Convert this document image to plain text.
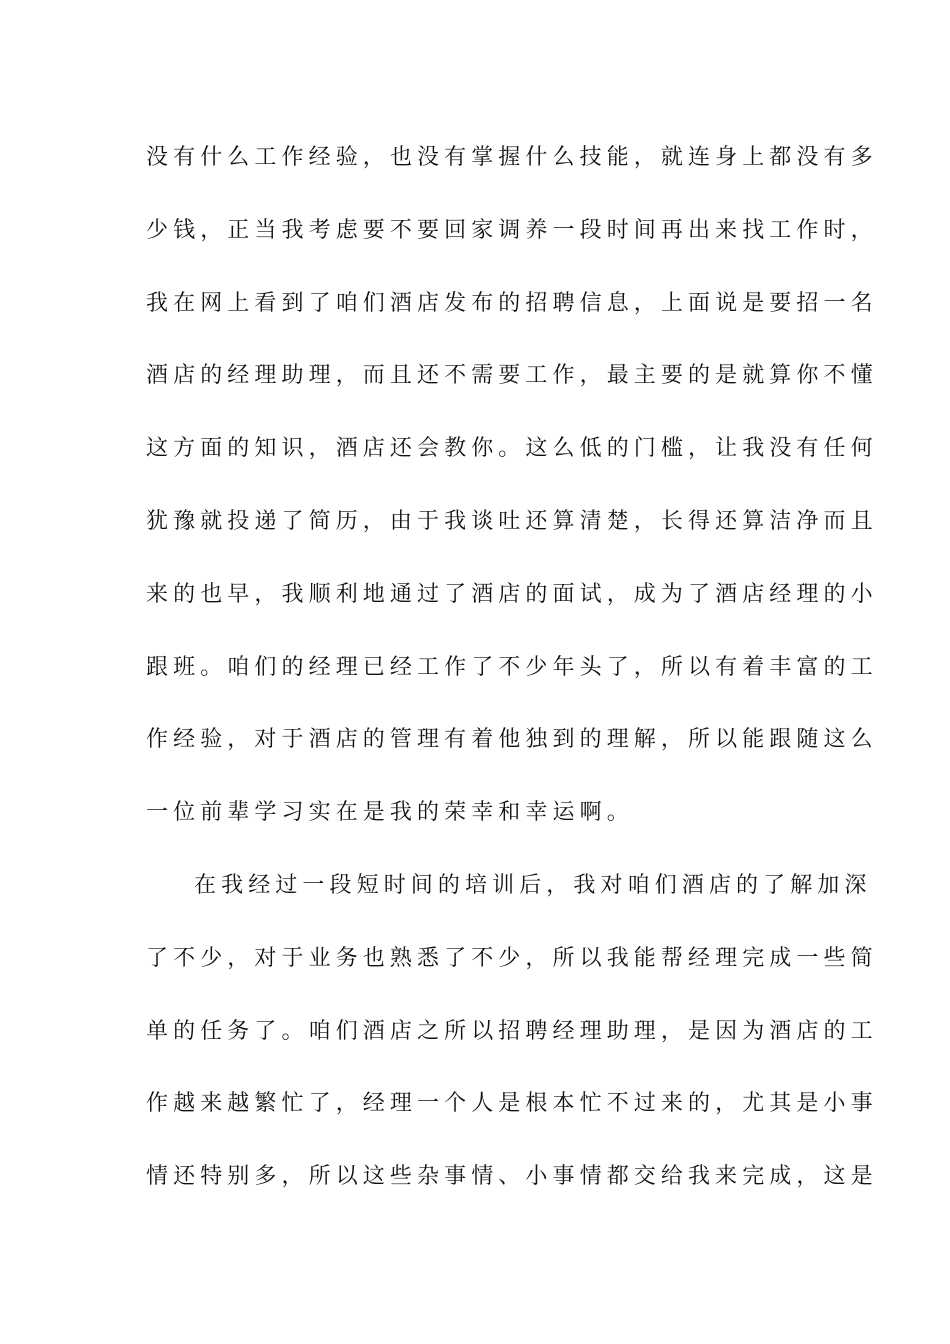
没有什么工作经验，也没有掌握什么技能，就连身上都没有多
少钱，正当我考虑要不要回家调养一段时间再出来找工作时，
我在网上看到了咱们酒店发布的招聘信息，上面说是要招一名
酒店的经理助理，而且还不需要工作，最主要的是就算你不懂
这方面的知识，酒店还会教你。这么低的门槛，让我没有任何
犹豫就投递了简历，由于我谈吐还算清楚，长得还算洁净而且
来的也早，我顺利地通过了酒店的面试，成为了酒店经理的小
跟班。咱们的经理已经工作了不少年头了，所以有着丰富的工
作经验，对于酒店的管理有着他独到的理解，所以能跟随这么
一位前辈学习实在是我的荣幸和幸运啊。
在我经过一段短时间的培训后，我对咱们酒店的了解加深
了不少，对于业务也熟悉了不少，所以我能帮经理完成一些简
单的任务了。咱们酒店之所以招聘经理助理，是因为酒店的工
作越来越繁忙了，经理一个人是根本忙不过来的，尤其是小事
情还特别多，所以这些杂事情、小事情都交给我来完成，这是
